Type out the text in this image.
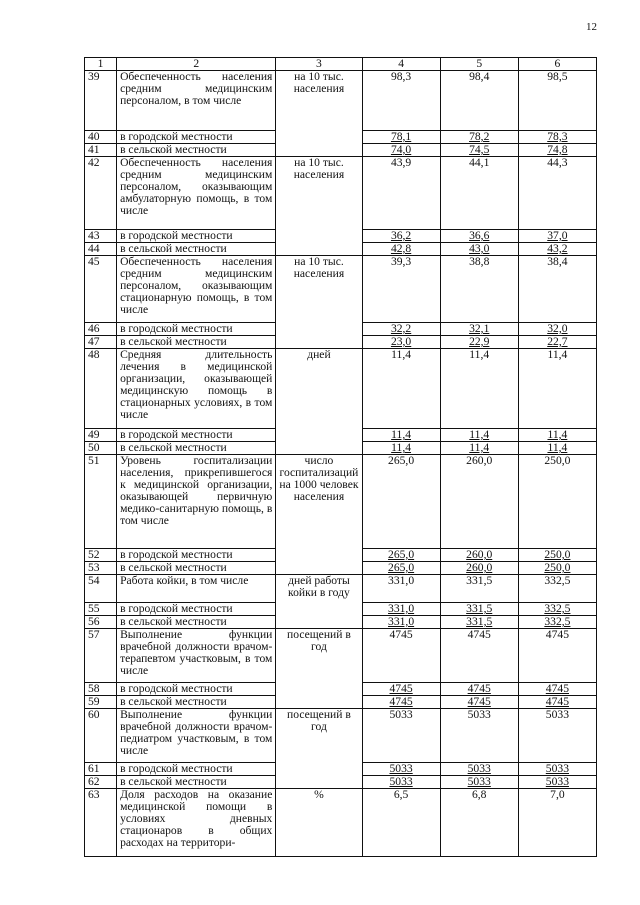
12
1	2	3	4	5	6
39	Обеспеченность населения средним медицинским персоналом, в том числе	на 10 тыс. населения	98,3	98,4	98,5
40	в городской местности		78,1	78,2	78,3
41	в сельской местности		74,0	74,5	74,8
42	Обеспеченность населения средним медицинским персоналом, оказывающим амбулаторную помощь, в том числе	на 10 тыс. населения	43,9	44,1	44,3
43	в городской местности		36,2	36,6	37,0
44	в сельской местности		42,8	43,0	43,2
45	Обеспеченность населения средним медицинским персоналом, оказывающим стационарную помощь, в том числе	на 10 тыс. населения	39,3	38,8	38,4
46	в городской местности		32,2	32,1	32,0
47	в сельской местности		23,0	22,9	22,7
48	Средняя длительность лечения в медицинской организации, оказывающей медицинскую помощь в стационарных условиях, в том числе	дней	11,4	11,4	11,4
49	в городской местности		11,4	11,4	11,4
50	в сельской местности		11,4	11,4	11,4
51	Уровень госпитализации населения, прикрепившегося к медицинской организации, оказывающей первичную медико-санитарную помощь, в том числе	число госпитализаций на 1000 человек населения	265,0	260,0	250,0
52	в городской местности		265,0	260,0	250,0
53	в сельской местности		265,0	260,0	250,0
54	Работа койки, в том числе	дней работы койки в году	331,0	331,5	332,5
55	в городской местности		331,0	331,5	332,5
56	в сельской местности		331,0	331,5	332,5
57	Выполнение функции врачебной должности врачом-терапевтом участковым, в том числе	посещений в год	4745	4745	4745
58	в городской местности		4745	4745	4745
59	в сельской местности		4745	4745	4745
60	Выполнение функции врачебной должности врачом-педиатром участковым, в том числе	посещений в год	5033	5033	5033
61	в городской местности		5033	5033	5033
62	в сельской местности		5033	5033	5033
63	Доля расходов на оказание медицинской помощи в условиях дневных стационаров в общих расходах на территори-	%	6,5	6,8	7,0
